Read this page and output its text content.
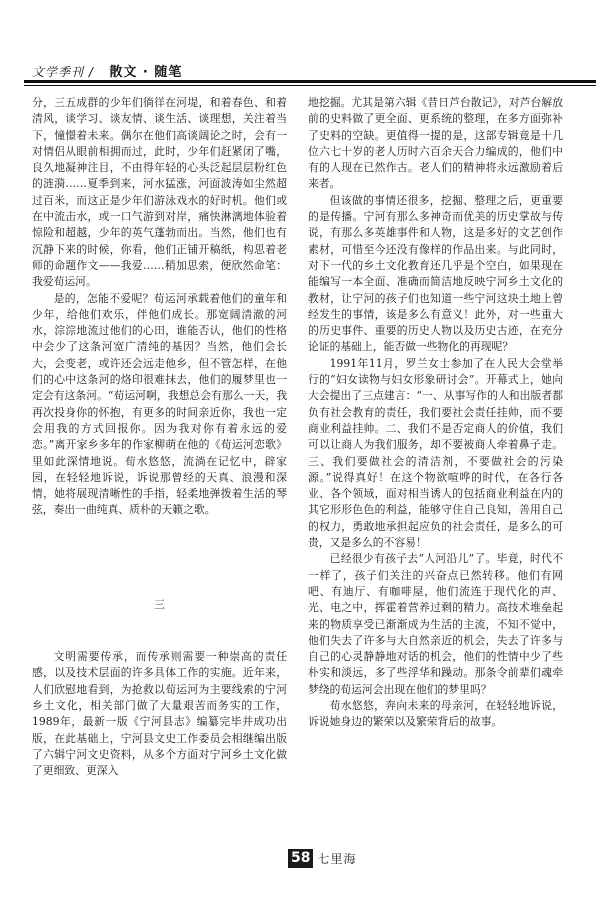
文学季刊 / 散文 · 随笔

分，三五成群的少年们徜徉在河堤，和着春色、和着清风，谈学习、谈友情、谈生活、谈理想，关注着当下，憧憬着未来。偶尔在他们高谈阔论之时，会有一对情侣从眼前相拥而过，此时，少年们赶紧闭了嘴，良久地凝神注目，不由得年轻的心头泛起层层粉红色的涟漪……夏季到来，河水猛涨，河面波涛如尘然超过百米，而这正是少年们游泳戏水的好时机。他们或在中流击水，或一口气游到对岸，痛快淋漓地体验着惊险和超越，少年的英气蓬勃而出。当然，他们也有沉静下来的时候，你看，他们正铺开稿纸，构思着老师的命题作文——我爱……稍加思索，便欣然命笔：我爱荀运河。

是的，怎能不爱呢？荀运河承载着他们的童年和少年，给他们欢乐，伴他们成长。那宽阔清澈的河水，淙淙地流过他们的心田，谁能否认，他们的性格中会少了这条河宽广清纯的基因？当然，他们会长大，会变老，或许还会远走他乡，但不管怎样，在他们的心中这条河的烙印很难抹去，他们的履梦里也一定会有这条河。“荀运河啊，我想总会有那么一天，我再次投身你的怀抱，有更多的时间亲近你，我也一定会用我的方式回报你。因为我对你有着永远的爱恋。”离开家乡多年的作家柳萌在他的《荀运河恋歌》里如此深情地说。荀水悠悠，流淌在记忆中，辟家园，在轻轻地诉说，诉说那曾经的天真、浪漫和深情，她将展现清晰性的手指，轻柔地弹拨着生活的琴弦，奏出一曲纯真、质朴的天籁之歌。

三

文明需要传承，而传承则需要一种崇高的责任感，以及技术层面的许多具体工作的实施。近年来，人们欣慰地看到，为抢救以荀运河为主要线索的宁河乡土文化，相关部门做了大量艰苦而务实的工作，1989年，最新一版《宁河县志》编纂完毕并成功出版，在此基础上，宁河县文史工作委员会相继编出版了六辑宁河文史资料，从多个方面对宁河乡土文化做了更细致、更深入

地挖掘。尤其是第六辑《昔日芦台散记》，对芦台解放前的史料做了更全面、更系统的整理，在多方面弥补了史料的空缺。更值得一提的是，这部专辑竟是十几位六七十岁的老人历时六百余天合力编成的，他们中有的人现在已然作古。老人们的精神将永远激励着后来者。

但该做的事情还很多，挖掘、整理之后，更重要的是传播。宁河有那么多神奇而优美的历史掌故与传说，有那么多英雄事件和人物，这是多好的文艺创作素材，可惜至今还没有像样的作品出来。与此同时，对下一代的乡土文化教育还几乎是个空白，如果现在能编写一本全面、准确而简洁地反映宁河乡土文化的教材，让宁河的孩子们也知道一些宁河这块土地上曾经发生的事情，该是多么有意义！此外，对一些重大的历史事件、重要的历史人物以及历史古迹，在充分论证的基础上，能否做一些物化的再现呢？

1991年11月，罗兰女士参加了在人民大会堂举行的“妇女读物与妇女形象研讨会”。开幕式上，她向大会提出了三点建言：“一、从事写作的人和出版者都负有社会教育的责任，我们要社会责任挂帅，而不要商业利益挂帅。二、我们不是否定商人的价值，我们可以让商人为我们服务，却不要被商人牵着鼻子走。三、我们要做社会的清洁剂，不要做社会的污染源。”说得真好！在这个物欲喧哗的时代，在各行各业、各个领域，面对相当诱人的包括商业利益在内的其它形形色色的利益，能够守住自己良知，善用自己的权力，勇敢地承担起应负的社会责任，是多么的可贵，又是多么的不容易！

已经很少有孩子去“人河沿儿”了。毕竟，时代不一样了，孩子们关注的兴奋点已然转移。他们有网吧、有迪厅、有咖啡屋，他们流连于现代化的声、光、电之中，挥霍着营养过剩的精力。高技术堆垒起来的物质享受已渐渐成为生活的主流，不知不觉中，他们失去了许多与大自然亲近的机会，失去了许多与自己的心灵静静地对话的机会，他们的性情中少了些朴实和淡远，多了些浮华和躁动。那条令前辈们魂牵梦绕的荀运河会出现在他们的梦里吗？

荀水悠悠，奔向未来的母亲河，在轻轻地诉说，诉说她身边的繁荣以及繁荣背后的故事。

58 七里海
